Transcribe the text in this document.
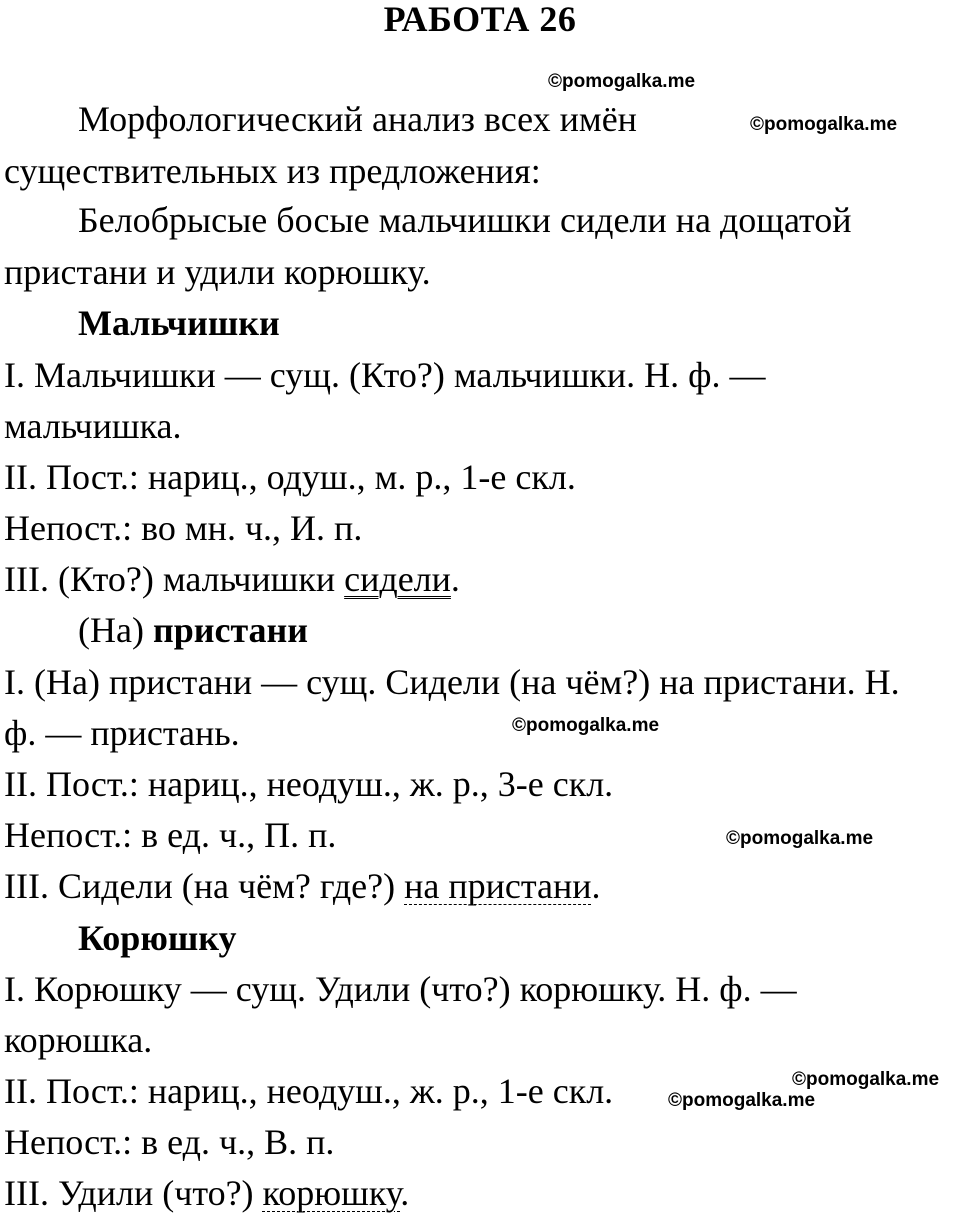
РАБОТА 26
©pomogalka.me
©pomogalka.me
©pomogalka.me
©pomogalka.me
©pomogalka.me
©pomogalka.me
Морфологический анализ всех имён
существительных из предложения:
Белобрысые босые мальчишки сидели на дощатой
пристани и удили корюшку.
Мальчишки
I. Мальчишки — сущ. (Кто?) мальчишки. Н. ф. —
мальчишка.
II. Пост.: нариц., одуш., м. р., 1-е скл.
Непост.: во мн. ч., И. п.
III. (Кто?) мальчишки сидели.
(На) пристани
I. (На) пристани — сущ. Сидели (на чём?) на пристани. Н.
ф. — пристань.
II. Пост.: нариц., неодуш., ж. р., 3-е скл.
Непост.: в ед. ч., П. п.
III. Сидели (на чём? где?) на пристани.
Корюшку
I. Корюшку — сущ. Удили (что?) корюшку. Н. ф. —
корюшка.
II. Пост.: нариц., неодуш., ж. р., 1-е скл.
Непост.: в ед. ч., В. п.
III. Удили (что?) корюшку.
